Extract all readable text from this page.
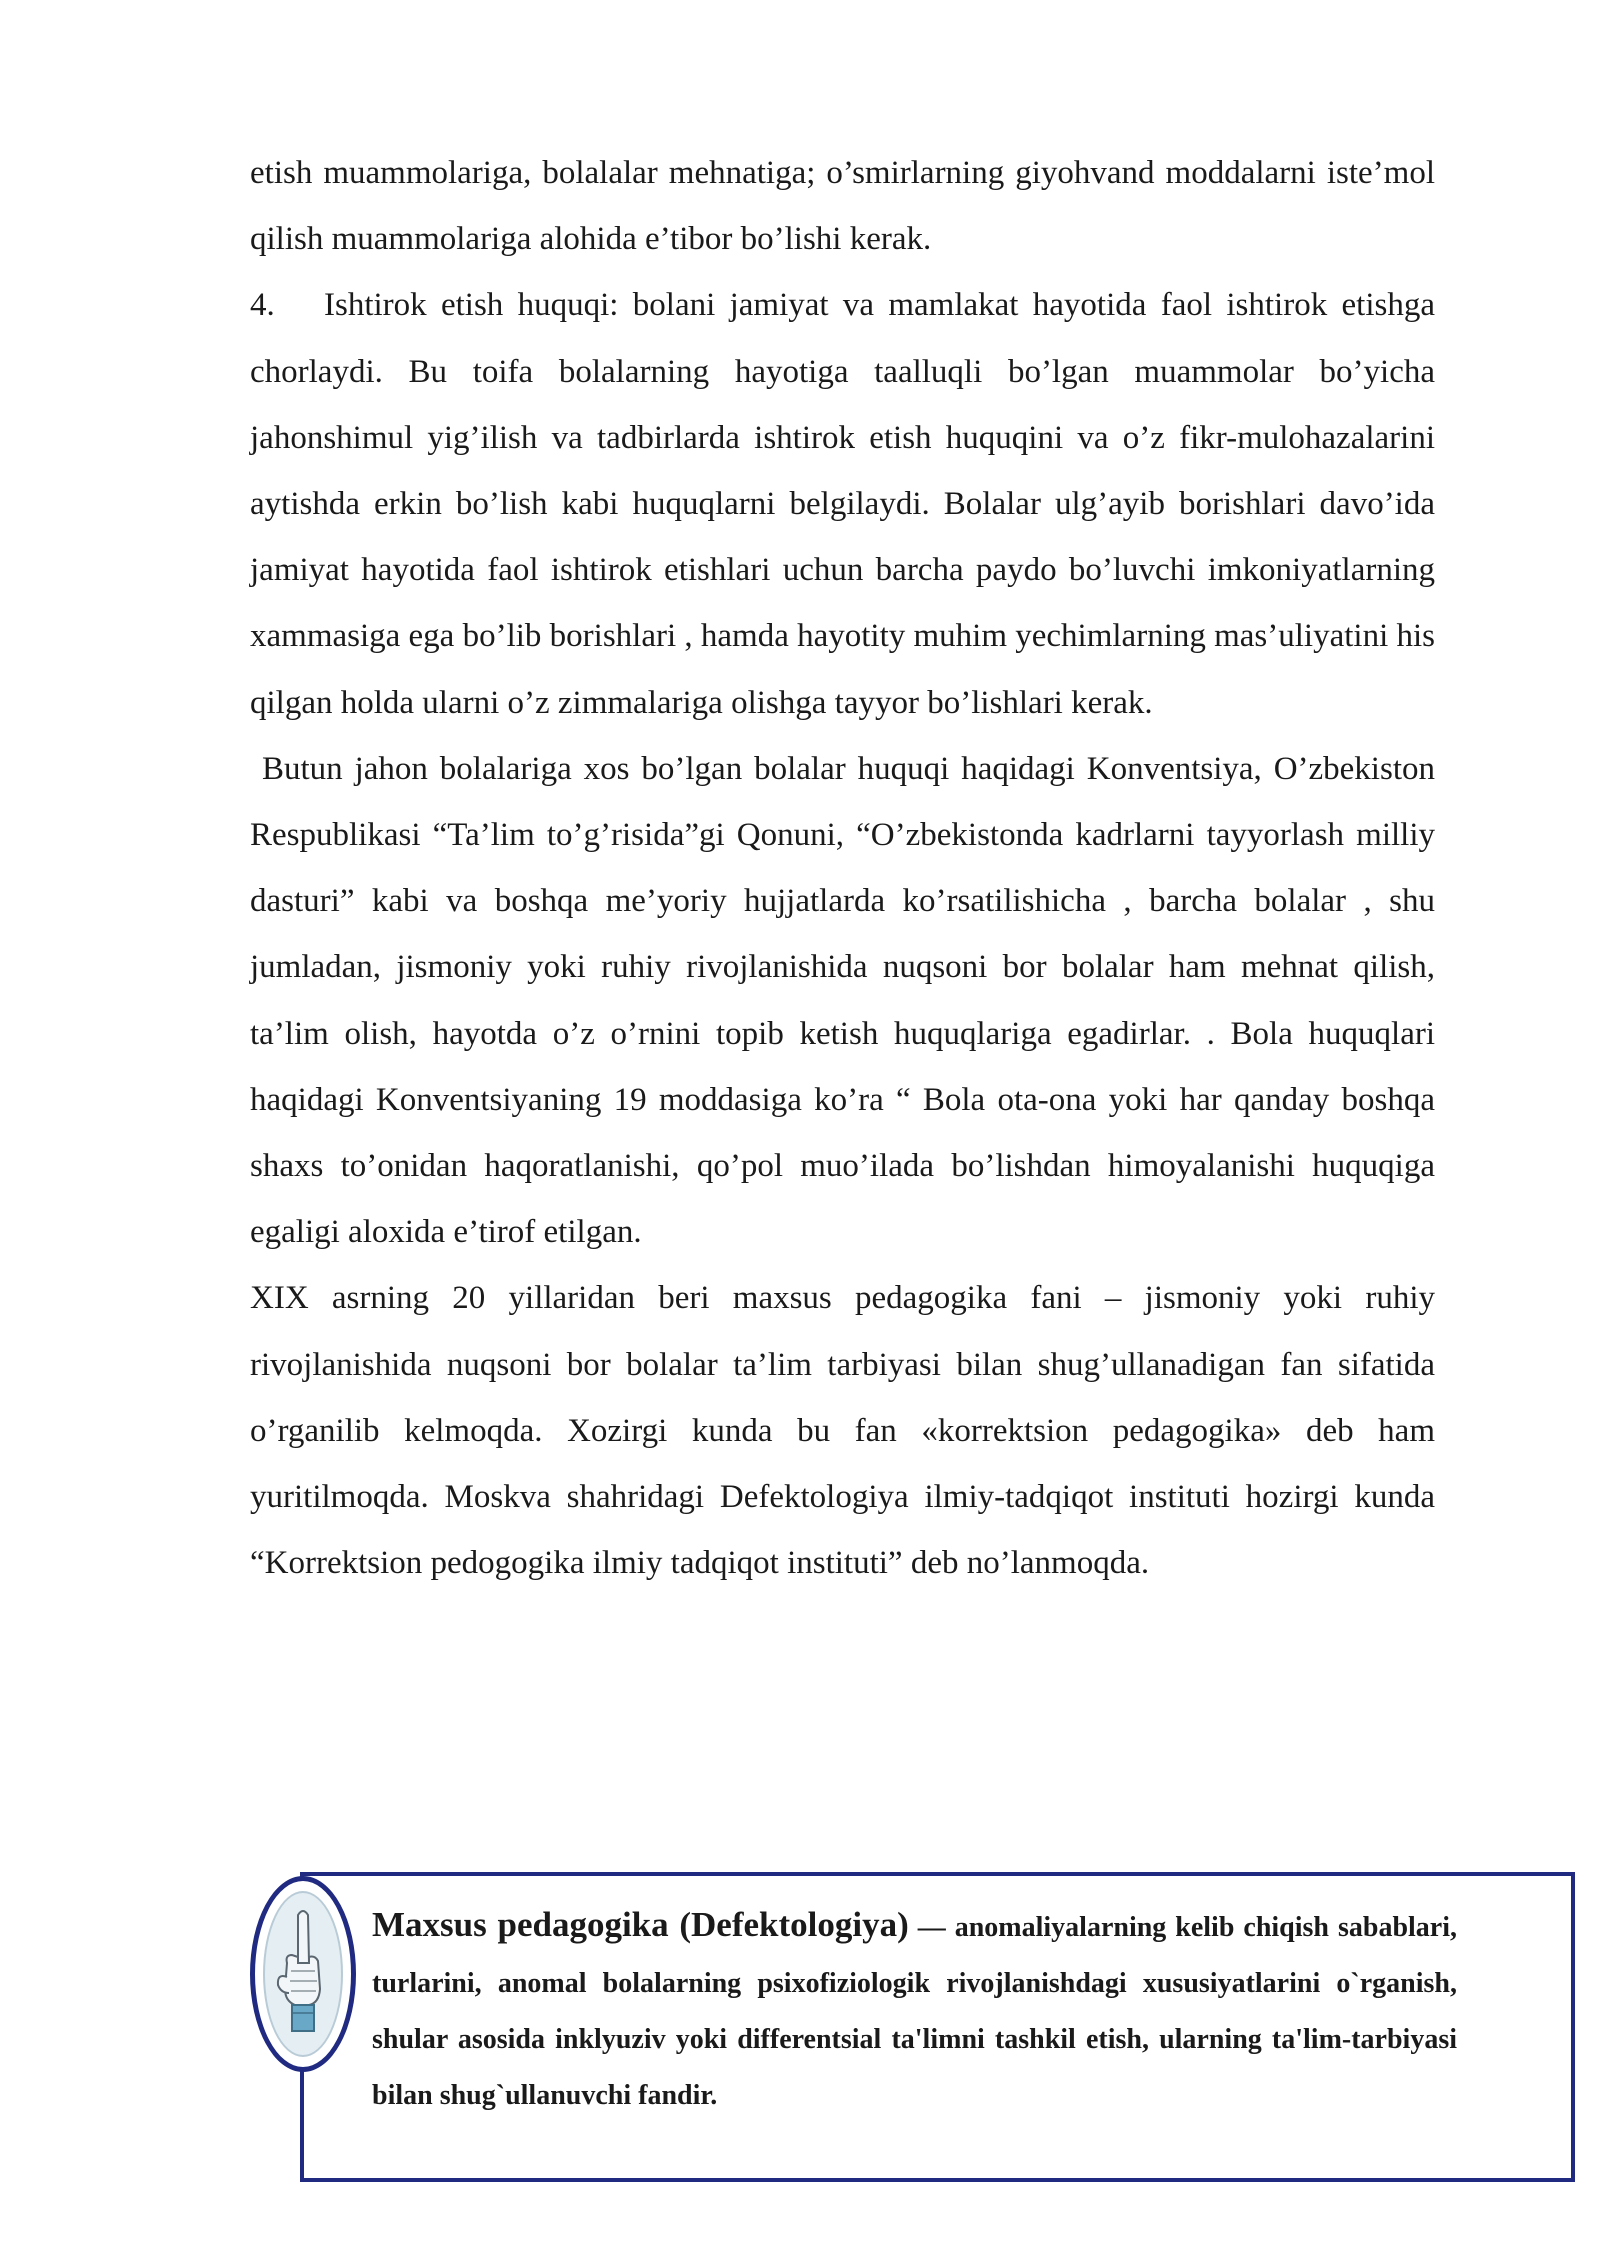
etish muammolariga, bolalalar mehnatiga; o’smirlarning giyohvand moddalarni iste’mol qilish muammolariga alohida e’tibor bo’lishi kerak.

4. Ishtirok etish huquqi: bolani jamiyat va mamlakat hayotida faol ishtirok etishga chorlaydi. Bu toifa bolalarning hayotiga taalluqli bo’lgan muammolar bo’yicha jahonshimul yig’ilish va tadbirlarda ishtirok etish huquqini va o’z fikr-mulohazalarini aytishda erkin bo’lish kabi huquqlarni belgilaydi. Bolalar ulg’ayib borishlari davo’ida jamiyat hayotida faol ishtirok etishlari uchun barcha paydo bo’luvchi imkoniyatlarning xammasiga ega bo’lib borishlari , hamda hayotity muhim yechimlarning mas’uliyatini his qilgan holda ularni o’z zimmalariga olishga tayyor bo’lishlari kerak.

Butun jahon bolalariga xos bo’lgan bolalar huquqi haqidagi Konventsiya, O’zbekiston Respublikasi “Ta’lim to’g’risida”gi Qonuni, “O’zbekistonda kadrlarni tayyorlash milliy dasturi” kabi va boshqa me’yoriy hujjatlarda ko’rsatilishicha , barcha bolalar , shu jumladan, jismoniy yoki ruhiy rivojlanishida nuqsoni bor bolalar ham mehnat qilish, ta’lim olish, hayotda o’z o’rnini topib ketish huquqlariga egadirlar. . Bola huquqlari haqidagi Konventsiyaning 19 moddasiga ko’ra “ Bola ota-ona yoki har qanday boshqa shaxs to’onidan haqoratlanishi, qo’pol muo’ilada bo’lishdan himoyalanishi huquqiga egaligi aloxida e’tirof etilgan.

XIX asrning 20 yillaridan beri maxsus pedagogika fani – jismoniy yoki ruhiy rivojlanishida nuqsoni bor bolalar ta’lim tarbiyasi bilan shug’ullanadigan fan sifatida o’rganilib kelmoqda. Xozirgi kunda bu fan «korrektsion pedagogika» deb ham yuritilmoqda. Moskva shahridagi Defektologiya ilmiy-tadqiqot instituti hozirgi kunda “Korrektsion pedogogika ilmiy tadqiqot instituti” deb no’lanmoqda.

Maxsus pedagogika (Defektologiya) — anomaliyalarning kelib chiqish sabablari, turlarini, anomal bolalarning psixofiziologik rivojlanishdagi xususiyatlarini o`rganish, shular asosida inklyuziv yoki differentsial ta'limni tashkil etish, ularning ta'lim-tarbiyasi bilan shug`ullanuvchi fandir.
